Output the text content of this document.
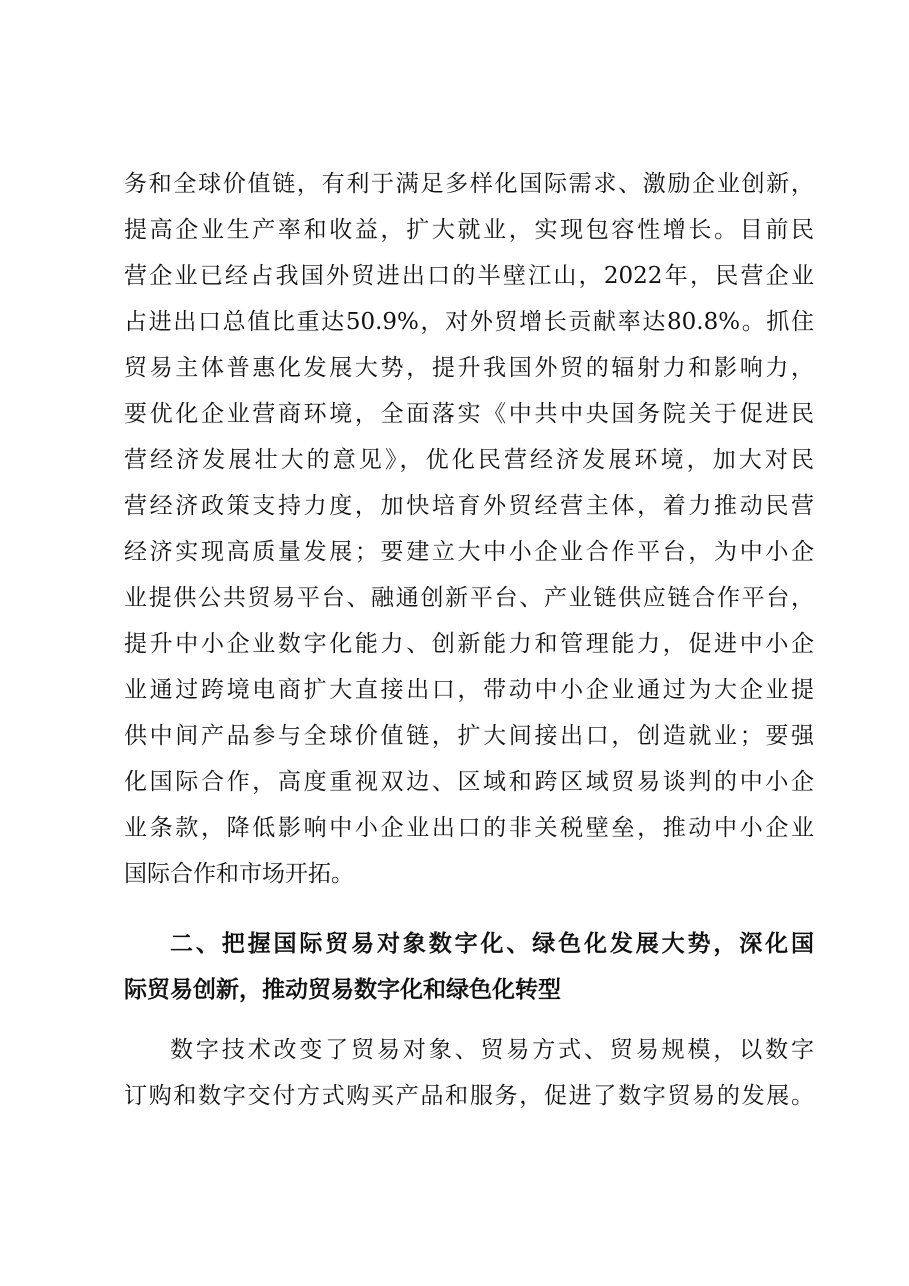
务和全球价值链，有利于满足多样化国际需求、激励企业创新，
提高企业生产率和收益，扩大就业，实现包容性增长。目前民
营企业已经占我国外贸进出口的半壁江山，2022年，民营企业
占进出口总值比重达50.9%，对外贸增长贡献率达80.8%。抓住
贸易主体普惠化发展大势，提升我国外贸的辐射力和影响力，
要优化企业营商环境，全面落实《中共中央国务院关于促进民
营经济发展壮大的意见》，优化民营经济发展环境，加大对民
营经济政策支持力度，加快培育外贸经营主体，着力推动民营
经济实现高质量发展；要建立大中小企业合作平台，为中小企
业提供公共贸易平台、融通创新平台、产业链供应链合作平台，
提升中小企业数字化能力、创新能力和管理能力，促进中小企
业通过跨境电商扩大直接出口，带动中小企业通过为大企业提
供中间产品参与全球价值链，扩大间接出口，创造就业；要强
化国际合作，高度重视双边、区域和跨区域贸易谈判的中小企
业条款，降低影响中小企业出口的非关税壁垒，推动中小企业
国际合作和市场开拓。
二、把握国际贸易对象数字化、绿色化发展大势，深化国
际贸易创新，推动贸易数字化和绿色化转型
数字技术改变了贸易对象、贸易方式、贸易规模，以数字
订购和数字交付方式购买产品和服务，促进了数字贸易的发展。
